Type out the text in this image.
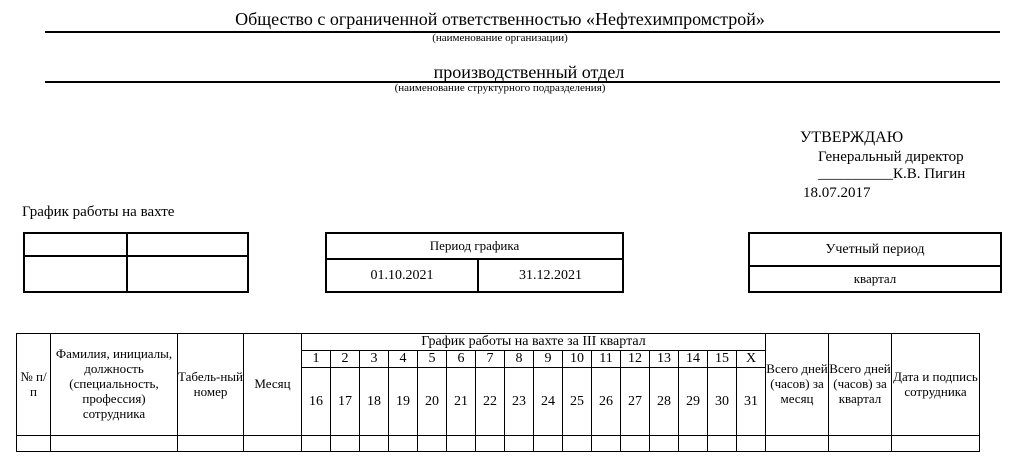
Общество с ограниченной ответственностью «Нефтехимпромстрой»
(наименование организации)
производственный отдел
(наименование структурного подразделения)
УТВЕРЖДАЮ
Генеральный директор
__________К.В. Пигин
18.07.2017
График работы на вахте
Период графика
01.10.2021	31.12.2021
Учетный период
квартал
№ п/п	Фамилия, инициалы, должность (специальность, профессия) сотрудника	Табель-ный номер	Месяц	График работы на вахте за III квартал																Всего дней (часов) за месяц	Всего дней (часов) за квартал	Дата и подпись сотрудника
				1	2	3	4	5	6	7	8	9	10	11	12	13	14	15	X			
				16	17	18	19	20	21	22	23	24	25	26	27	28	29	30	31			
